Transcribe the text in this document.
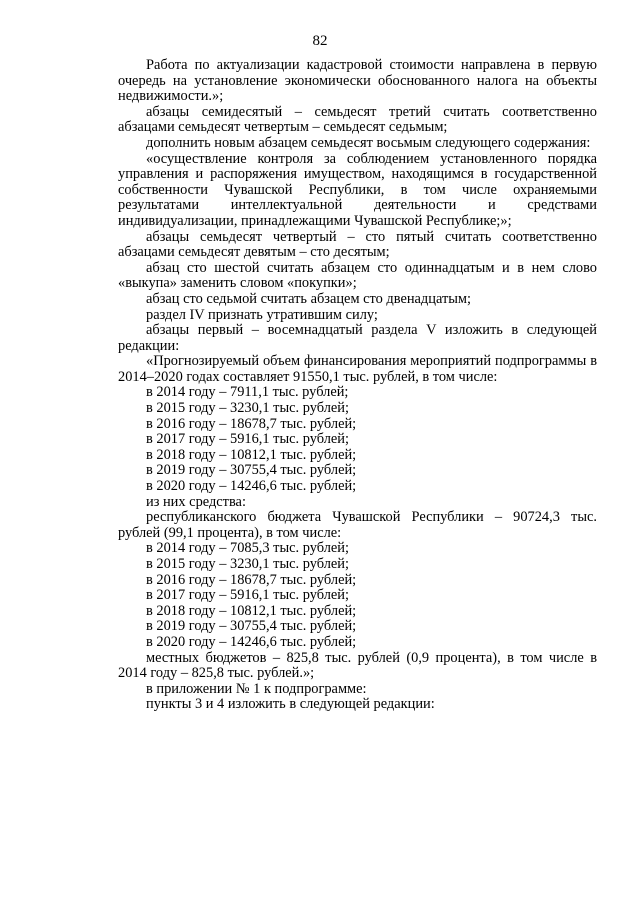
82

Работа по актуализации кадастровой стоимости направлена в первую очередь на установление экономически обоснованного налога на объекты недвижимости.»;

абзацы семидесятый – семьдесят третий считать соответственно абзацами семьдесят четвертым – семьдесят седьмым;

дополнить новым абзацем семьдесят восьмым следующего содержания:

«осуществление контроля за соблюдением установленного порядка управления и распоряжения имуществом, находящимся в государственной собственности Чувашской Республики, в том числе охраняемыми результатами интеллектуальной деятельности и средствами индивидуализации, принадлежащими Чувашской Республике;»;

абзацы семьдесят четвертый – сто пятый считать соответственно абзацами семьдесят девятым – сто десятым;

абзац сто шестой считать абзацем сто одиннадцатым и в нем слово «выкупа» заменить словом «покупки»;

абзац сто седьмой считать абзацем сто двенадцатым;

раздел IV признать утратившим силу;

абзацы первый – восемнадцатый раздела V изложить в следующей редакции:

«Прогнозируемый объем финансирования мероприятий подпрограммы в 2014–2020 годах составляет 91550,1 тыс. рублей, в том числе:

в 2014 году – 7911,1 тыс. рублей;

в 2015 году – 3230,1 тыс. рублей;

в 2016 году – 18678,7 тыс. рублей;

в 2017 году – 5916,1 тыс. рублей;

в 2018 году – 10812,1 тыс. рублей;

в 2019 году – 30755,4 тыс. рублей;

в 2020 году – 14246,6 тыс. рублей;

из них средства:

республиканского бюджета Чувашской Республики – 90724,3 тыс. рублей (99,1 процента), в том числе:

в 2014 году – 7085,3 тыс. рублей;

в 2015 году – 3230,1 тыс. рублей;

в 2016 году – 18678,7 тыс. рублей;

в 2017 году – 5916,1 тыс. рублей;

в 2018 году – 10812,1 тыс. рублей;

в 2019 году – 30755,4 тыс. рублей;

в 2020 году – 14246,6 тыс. рублей;

местных бюджетов – 825,8 тыс. рублей (0,9 процента), в том числе в 2014 году – 825,8 тыс. рублей.»;

в приложении № 1 к подпрограмме:

пункты 3 и 4 изложить в следующей редакции:
